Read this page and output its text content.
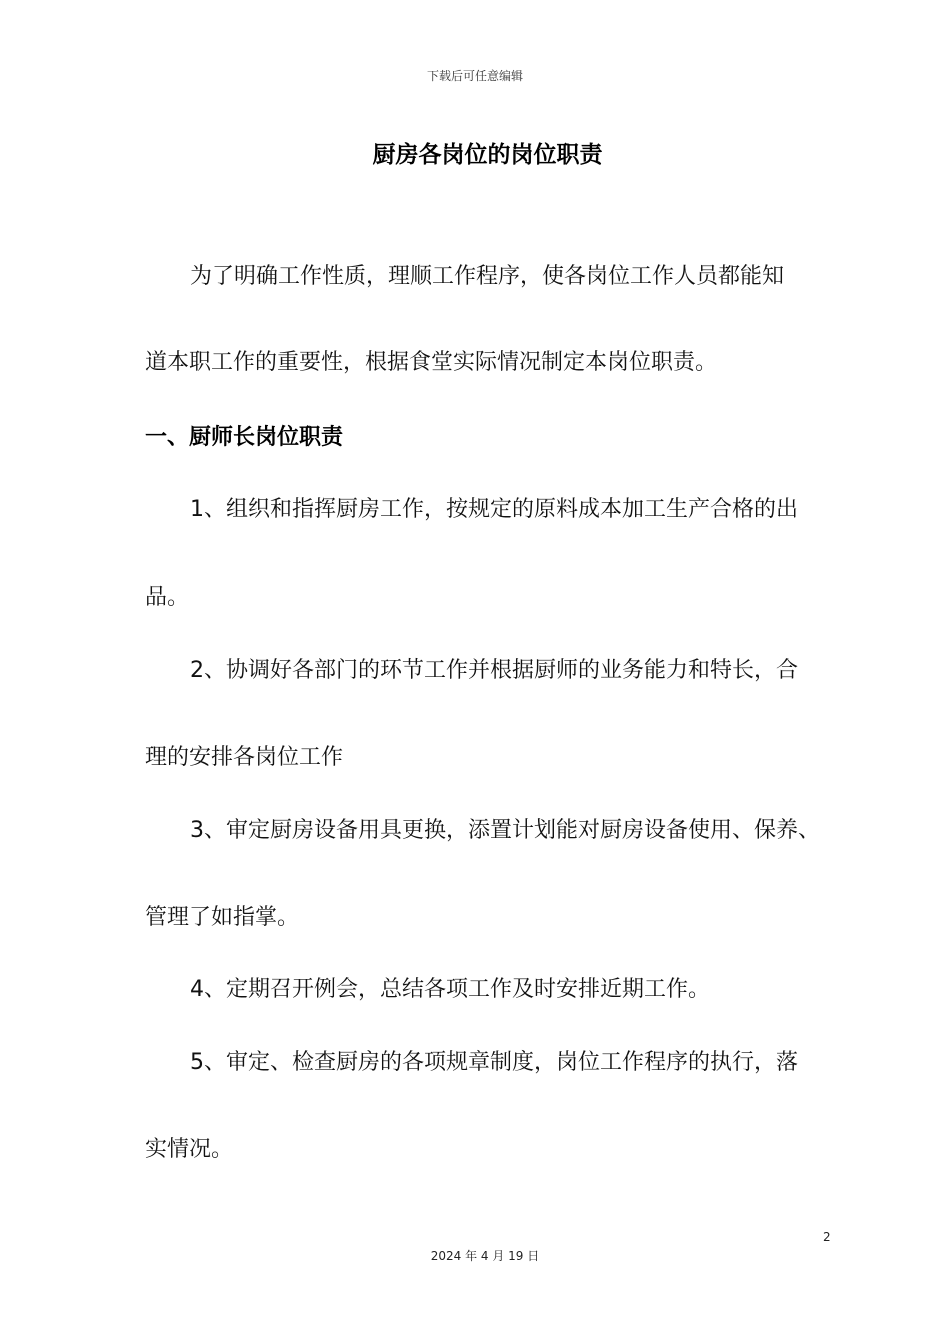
下载后可任意编辑
厨房各岗位的岗位职责
为了明确工作性质，理顺工作程序，使各岗位工作人员都能知
道本职工作的重要性，根据食堂实际情况制定本岗位职责。
一、厨师长岗位职责
1、组织和指挥厨房工作，按规定的原料成本加工生产合格的出
品。
2、协调好各部门的环节工作并根据厨师的业务能力和特长，合
理的安排各岗位工作
3、审定厨房设备用具更换，添置计划能对厨房设备使用、保养、
管理了如指掌。
4、定期召开例会，总结各项工作及时安排近期工作。
5、审定、检查厨房的各项规章制度，岗位工作程序的执行，落
实情况。
2
2024 年 4 月 19 日
